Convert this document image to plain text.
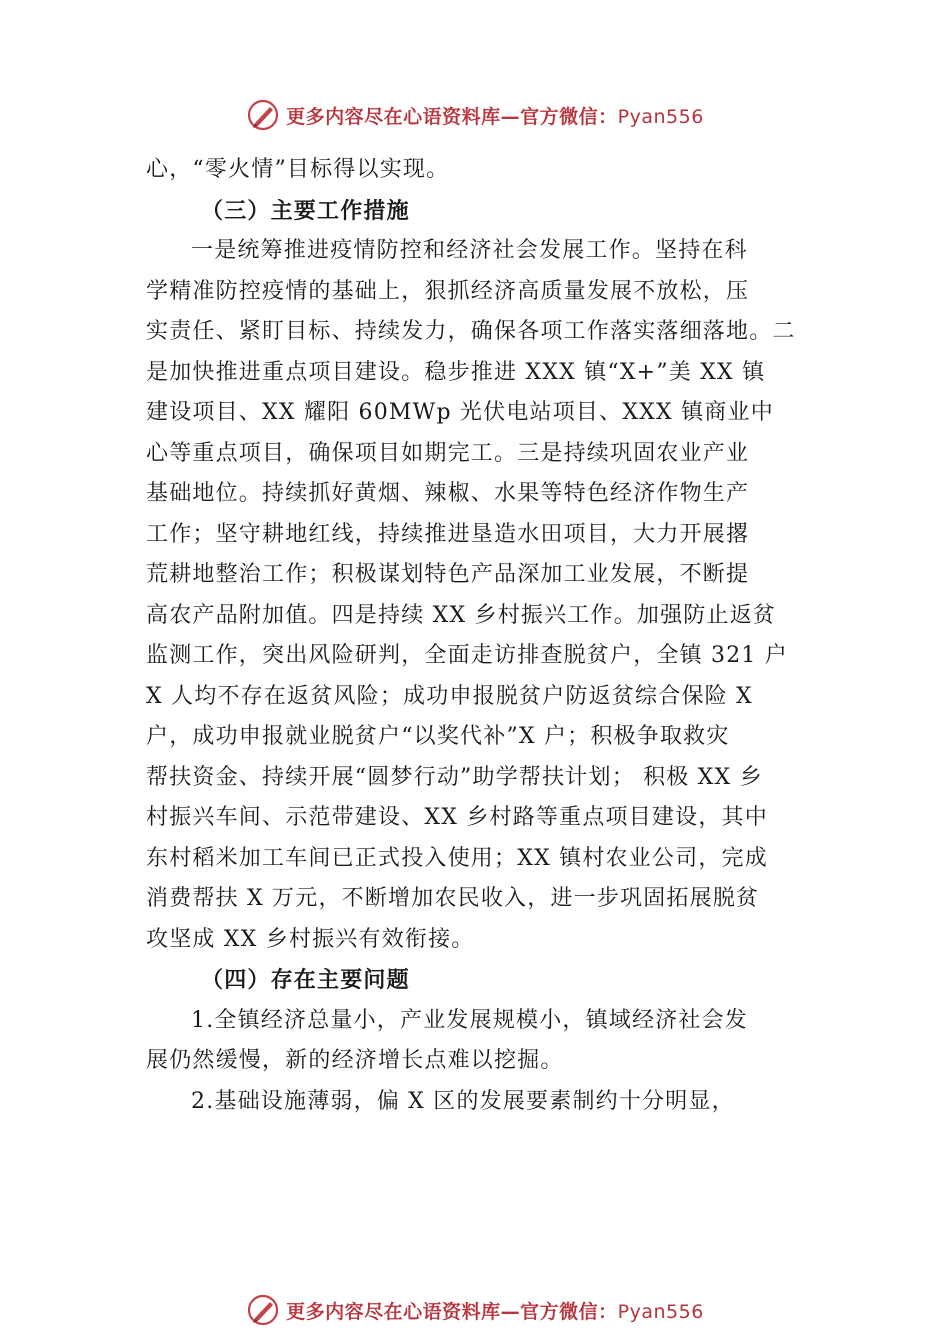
更多内容尽在心语资料库—官方微信：Pyan556
心，“零火情”目标得以实现。
（三）主要工作措施
一是统筹推进疫情防控和经济社会发展工作。坚持在科
学精准防控疫情的基础上，狠抓经济高质量发展不放松，压
实责任、紧盯目标、持续发力，确保各项工作落实落细落地。二
是加快推进重点项目建设。稳步推进 XXX 镇“X+”美 XX 镇
建设项目、XX 耀阳 60MWp 光伏电站项目、XXX 镇商业中
心等重点项目，确保项目如期完工。三是持续巩固农业产业
基础地位。持续抓好黄烟、辣椒、水果等特色经济作物生产
工作；坚守耕地红线，持续推进垦造水田项目，大力开展撂
荒耕地整治工作；积极谋划特色产品深加工业发展，不断提
高农产品附加值。四是持续 XX 乡村振兴工作。加强防止返贫
监测工作，突出风险研判，全面走访排查脱贫户，全镇 321 户
X 人均不存在返贫风险；成功申报脱贫户防返贫综合保险 X
户，成功申报就业脱贫户“以奖代补”X 户；积极争取救灾
帮扶资金、持续开展“圆梦行动”助学帮扶计划； 积极 XX 乡
村振兴车间、示范带建设、XX 乡村路等重点项目建设，其中
东村稻米加工车间已正式投入使用；XX 镇村农业公司，完成
消费帮扶 X 万元，不断增加农民收入，进一步巩固拓展脱贫
攻坚成 XX 乡村振兴有效衔接。
（四）存在主要问题
1.全镇经济总量小，产业发展规模小，镇域经济社会发
展仍然缓慢，新的经济增长点难以挖掘。
2.基础设施薄弱，偏 X 区的发展要素制约十分明显，
更多内容尽在心语资料库—官方微信：Pyan556
